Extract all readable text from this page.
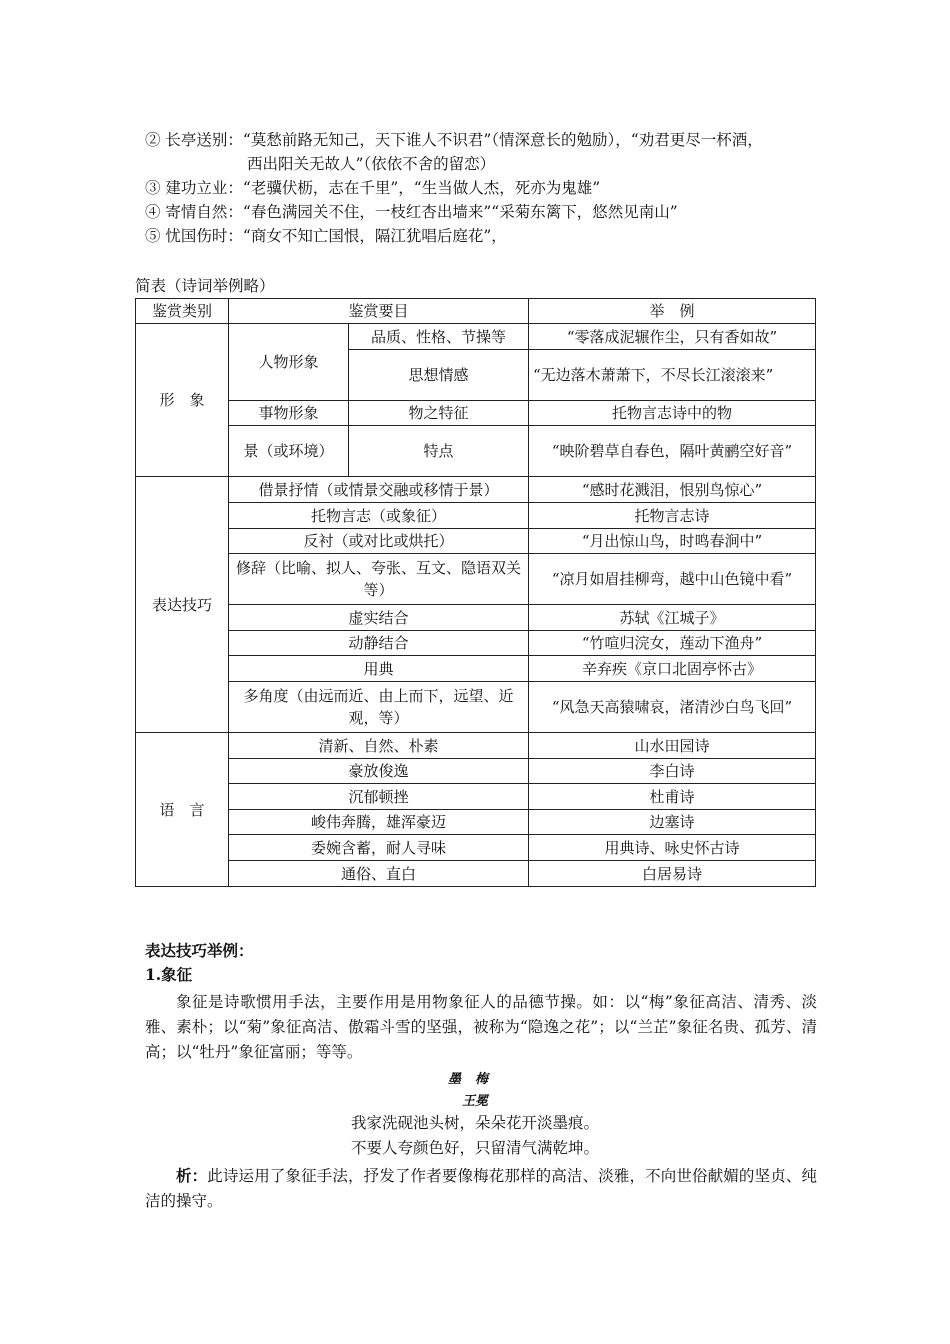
② 长亭送别：“莫愁前路无知己，天下谁人不识君”（情深意长的勉励），“劝君更尽一杯酒，
西出阳关无故人”（依依不舍的留恋）
③ 建功立业：“老骥伏枥，志在千里”，“生当做人杰，死亦为鬼雄”
④ 寄情自然：“春色满园关不住，一枝红杏出墙来”“采菊东篱下，悠然见南山”
⑤ 忧国伤时：“商女不知亡国恨，隔江犹唱后庭花”，
简表（诗词举例略）
鉴赏类别	鉴赏要目		举　例
形　象	人物形象	品质、性格、节操等	“零落成泥辗作尘，只有香如故”
		思想情感	“无边落木萧萧下，不尽长江滚滚来”
	事物形象	物之特征	托物言志诗中的物
	景（或环境）	特点	“映阶碧草自春色，隔叶黄鹂空好音”

表达技巧	借景抒情（或情景交融或移情于景）		“感时花溅泪，恨别鸟惊心”
	托物言志（或象征）		托物言志诗
	反衬（或对比或烘托）		“月出惊山鸟，时鸣春涧中”
	修辞（比喻、拟人、夸张、互文、隐语双关等）		“凉月如眉挂柳弯，越中山色镜中看”
	虚实结合		苏轼《江城子》
	动静结合		“竹喧归浣女，莲动下渔舟”
	用典		辛弃疾《京口北固亭怀古》
	多角度（由远而近、由上而下，远望、近观，等）		“风急天高猿啸哀，渚清沙白鸟飞回”
语　言	清新、自然、朴素		山水田园诗
	豪放俊逸		李白诗
	沉郁顿挫		杜甫诗
	峻伟奔腾，雄浑豪迈		边塞诗
	委婉含蓄，耐人寻味		用典诗、咏史怀古诗
	通俗、直白		白居易诗
表达技巧举例：
1.象征
象征是诗歌惯用手法，主要作用是用物象征人的品德节操。如：以“梅”象征高洁、清秀、淡雅、素朴；以“菊”象征高洁、傲霜斗雪的坚强，被称为“隐逸之花”；以“兰芷”象征名贵、孤芳、清高；以“牡丹”象征富丽；等等。
墨梅
王冕
我家洗砚池头树，朵朵花开淡墨痕。
不要人夸颜色好，只留清气满乾坤。
析：此诗运用了象征手法，抒发了作者要像梅花那样的高洁、淡雅，不向世俗献媚的坚贞、纯洁的操守。
